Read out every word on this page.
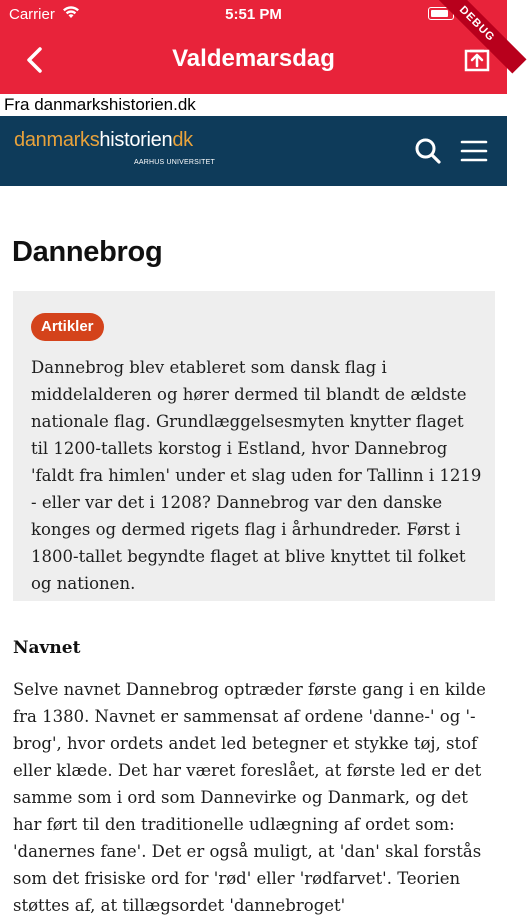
Carrier	5:51 PM	DEBUG
Valdemarsdag
Fra danmarkshistorien.dk
danmarkshistoriendk
AARHUS UNIVERSITET
Dannebrog
Artikler

Dannebrog blev etableret som dansk flag i middelalderen og hører dermed til blandt de ældste nationale flag. Grundlæggelsesmyten knytter flaget til 1200-tallets korstog i Estland, hvor Dannebrog 'faldt fra himlen' under et slag uden for Tallinn i 1219 - eller var det i 1208? Dannebrog var den danske konges og dermed rigets flag i århundreder. Først i 1800-tallet begyndte flaget at blive knyttet til folket og nationen.

Navnet

Selve navnet Dannebrog optræder første gang i en kilde fra 1380. Navnet er sammensat af ordene 'danne-' og '-brog', hvor ordets andet led betegner et stykke tøj, stof eller klæde. Det har været foreslået, at første led er det samme som i ord som Dannevirke og Danmark, og det har ført til den traditionelle udlægning af ordet som: 'danernes fane'. Det er også muligt, at 'dan' skal forstås som det frisiske ord for 'rød' eller 'rødfarvet'. Teorien støttes af, at tillægsordet 'dannebroget'
